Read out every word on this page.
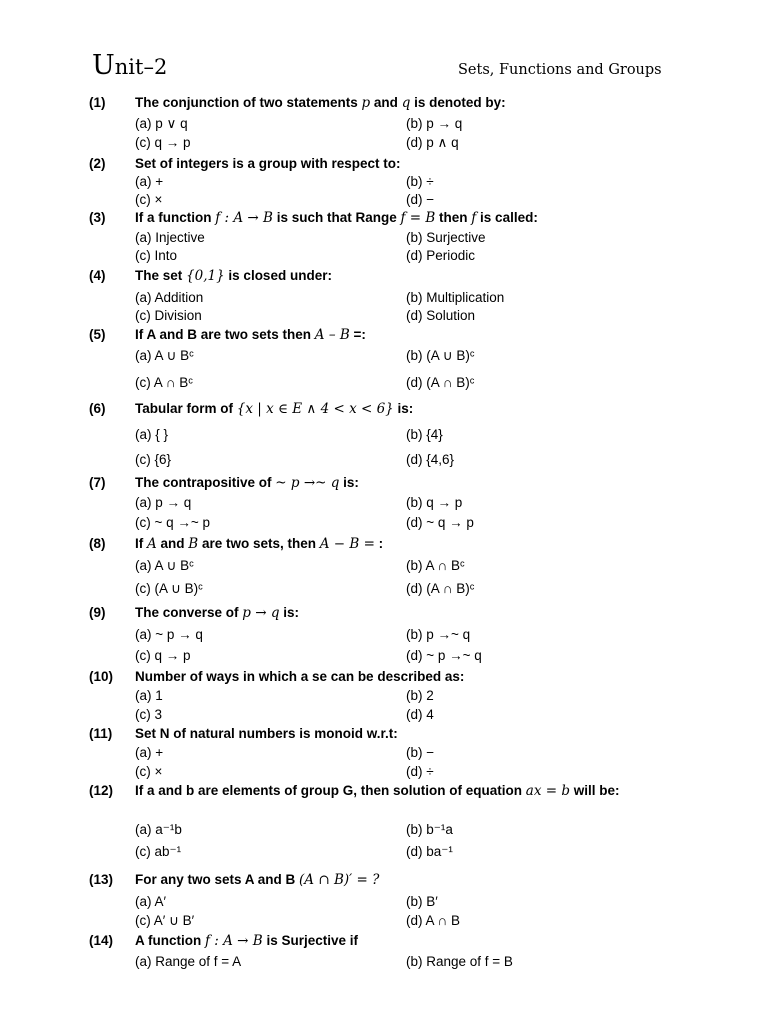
Unit–2	Sets, Functions and Groups
(1) The conjunction of two statements p and q is denoted by:
(a) p ∨ q	(b) p → q
(c) q → p	(d) p ∧ q
(2) Set of integers is a group with respect to:
(a) +	(b) ÷
(c) ×	(d) −
(3) If a function f : A → B is such that Range f = B then f is called:
(a) Injective	(b) Surjective
(c) Into	(d) Periodic
(4) The set {0,1} is closed under:
(a) Addition	(b) Multiplication
(c) Division	(d) Solution
(5) If A and B are two sets then A – B =:
(a) A ∪ Bᶜ	(b) (A ∪ B)ᶜ
(c) A ∩ Bᶜ	(d) (A ∩ B)ᶜ
(6) Tabular form of {x | x ∈ E ∧ 4 < x < 6} is:
(a) { }	(b) {4}
(c) {6}	(d) {4,6}
(7) The contrapositive of ~ p →~ q is:
(a) p → q	(b) q → p
(c) ~ q →~ p	(d) ~ q → p
(8) If A and B are two sets, then A − B = :
(a) A ∪ Bᶜ	(b) A ∩ Bᶜ
(c) (A ∪ B)ᶜ	(d) (A ∩ B)ᶜ
(9) The converse of p → q is:
(a) ~ p → q	(b) p →~ q
(c) q → p	(d) ~ p →~ q
(10) Number of ways in which a se can be described as:
(a) 1	(b) 2
(c) 3	(d) 4
(11) Set N of natural numbers is monoid w.r.t:
(a) +	(b) −
(c) ×	(d) ÷
(12) If a and b are elements of group G, then solution of equation ax = b will be:
(a) a⁻¹b	(b) b⁻¹a
(c) ab⁻¹	(d) ba⁻¹
(13) For any two sets A and B (A ∩ B)′ = ?
(a) A′	(b) B′
(c) A′ ∪ B′	(d) A ∩ B
(14) A function f : A → B is Surjective if
(a) Range of f = A	(b) Range of f = B
